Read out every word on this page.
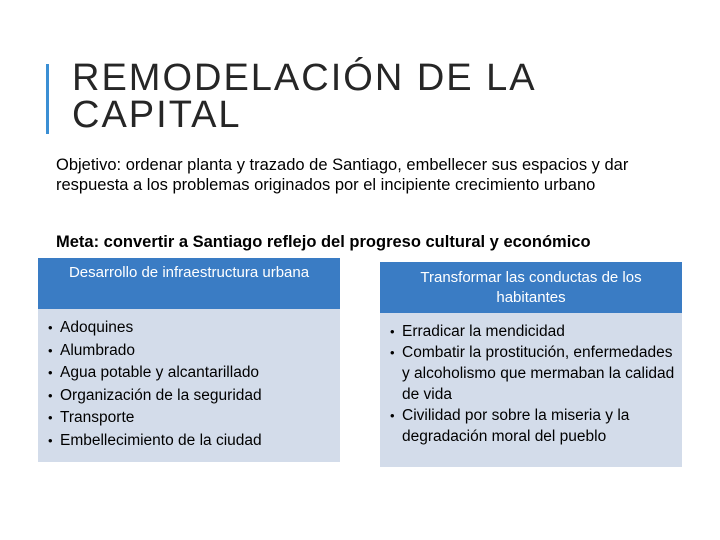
REMODELACIÓN DE LA CAPITAL
Objetivo: ordenar planta y trazado de Santiago, embellecer sus espacios y dar respuesta a los problemas originados por el incipiente crecimiento urbano
Meta: convertir a Santiago reflejo del progreso cultural y económico
Desarrollo de infraestructura urbana
• Adoquines
• Alumbrado
• Agua potable y alcantarillado
• Organización de la seguridad
• Transporte
• Embellecimiento de la ciudad
Transformar las conductas de los habitantes
• Erradicar la mendicidad
• Combatir la prostitución, enfermedades y alcoholismo que mermaban la calidad de vida
• Civilidad por sobre la miseria y la degradación moral del pueblo
